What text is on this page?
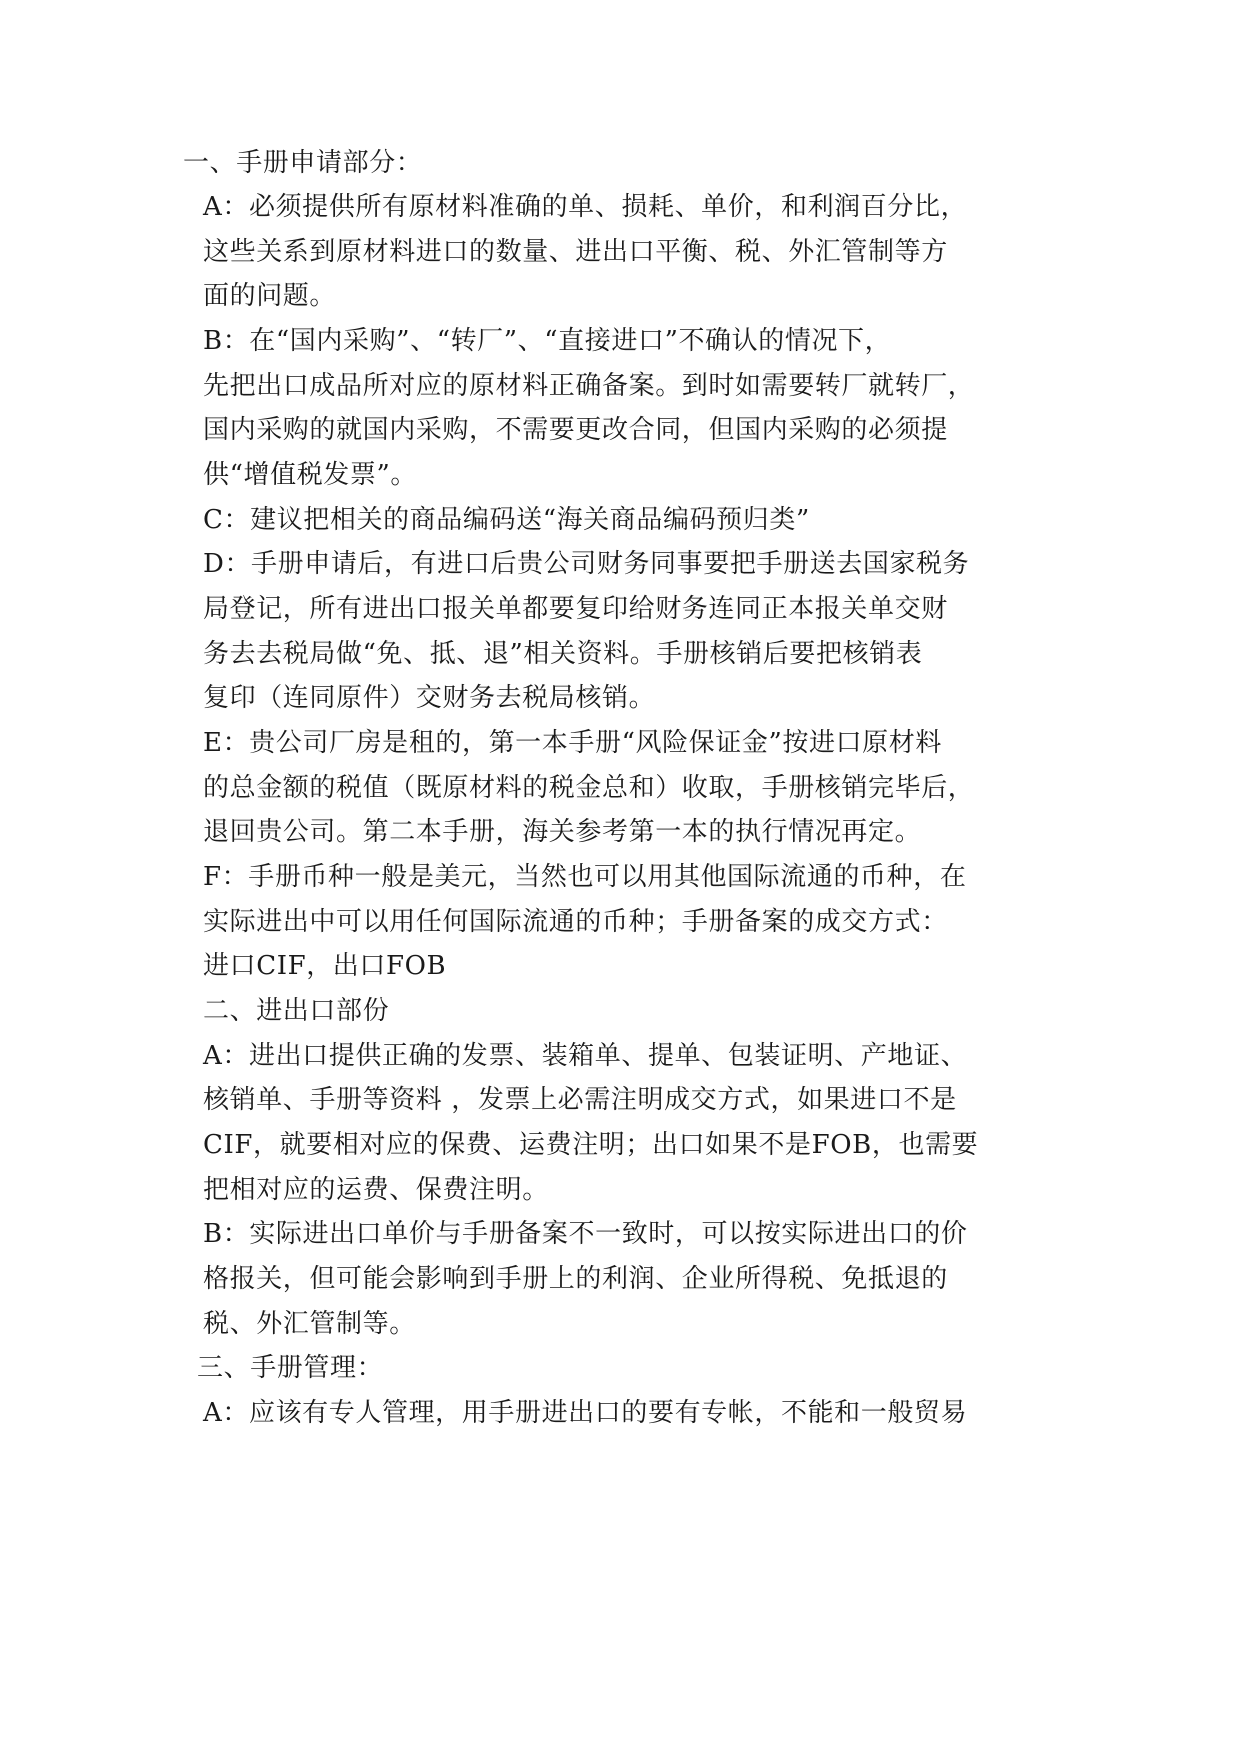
一、手册申请部分：
A：必须提供所有原材料准确的单、损耗、单价，和利润百分比，
这些关系到原材料进口的数量、进出口平衡、税、外汇管制等方
面的问题。
B：在“国内采购”、“转厂”、“直接进口”不确认的情况下，
先把出口成品所对应的原材料正确备案。到时如需要转厂就转厂，
国内采购的就国内采购，不需要更改合同，但国内采购的必须提
供“增值税发票”。
C：建议把相关的商品编码送“海关商品编码预归类”
D：手册申请后，有进口后贵公司财务同事要把手册送去国家税务
局登记，所有进出口报关单都要复印给财务连同正本报关单交财
务去去税局做“免、抵、退”相关资料。手册核销后要把核销表
复印（连同原件）交财务去税局核销。
E：贵公司厂房是租的，第一本手册“风险保证金”按进口原材料
的总金额的税值（既原材料的税金总和）收取，手册核销完毕后，
退回贵公司。第二本手册，海关参考第一本的执行情况再定。
F：手册币种一般是美元，当然也可以用其他国际流通的币种，在
实际进出中可以用任何国际流通的币种；手册备案的成交方式：
进口CIF，出口FOB
二、进出口部份
A：进出口提供正确的发票、装箱单、提单、包装证明、产地证、
核销单、手册等资料 ，发票上必需注明成交方式，如果进口不是
CIF，就要相对应的保费、运费注明；出口如果不是FOB，也需要
把相对应的运费、保费注明。
B：实际进出口单价与手册备案不一致时，可以按实际进出口的价
格报关，但可能会影响到手册上的利润、企业所得税、免抵退的
税、外汇管制等。
三、手册管理：
A：应该有专人管理，用手册进出口的要有专帐，不能和一般贸易
